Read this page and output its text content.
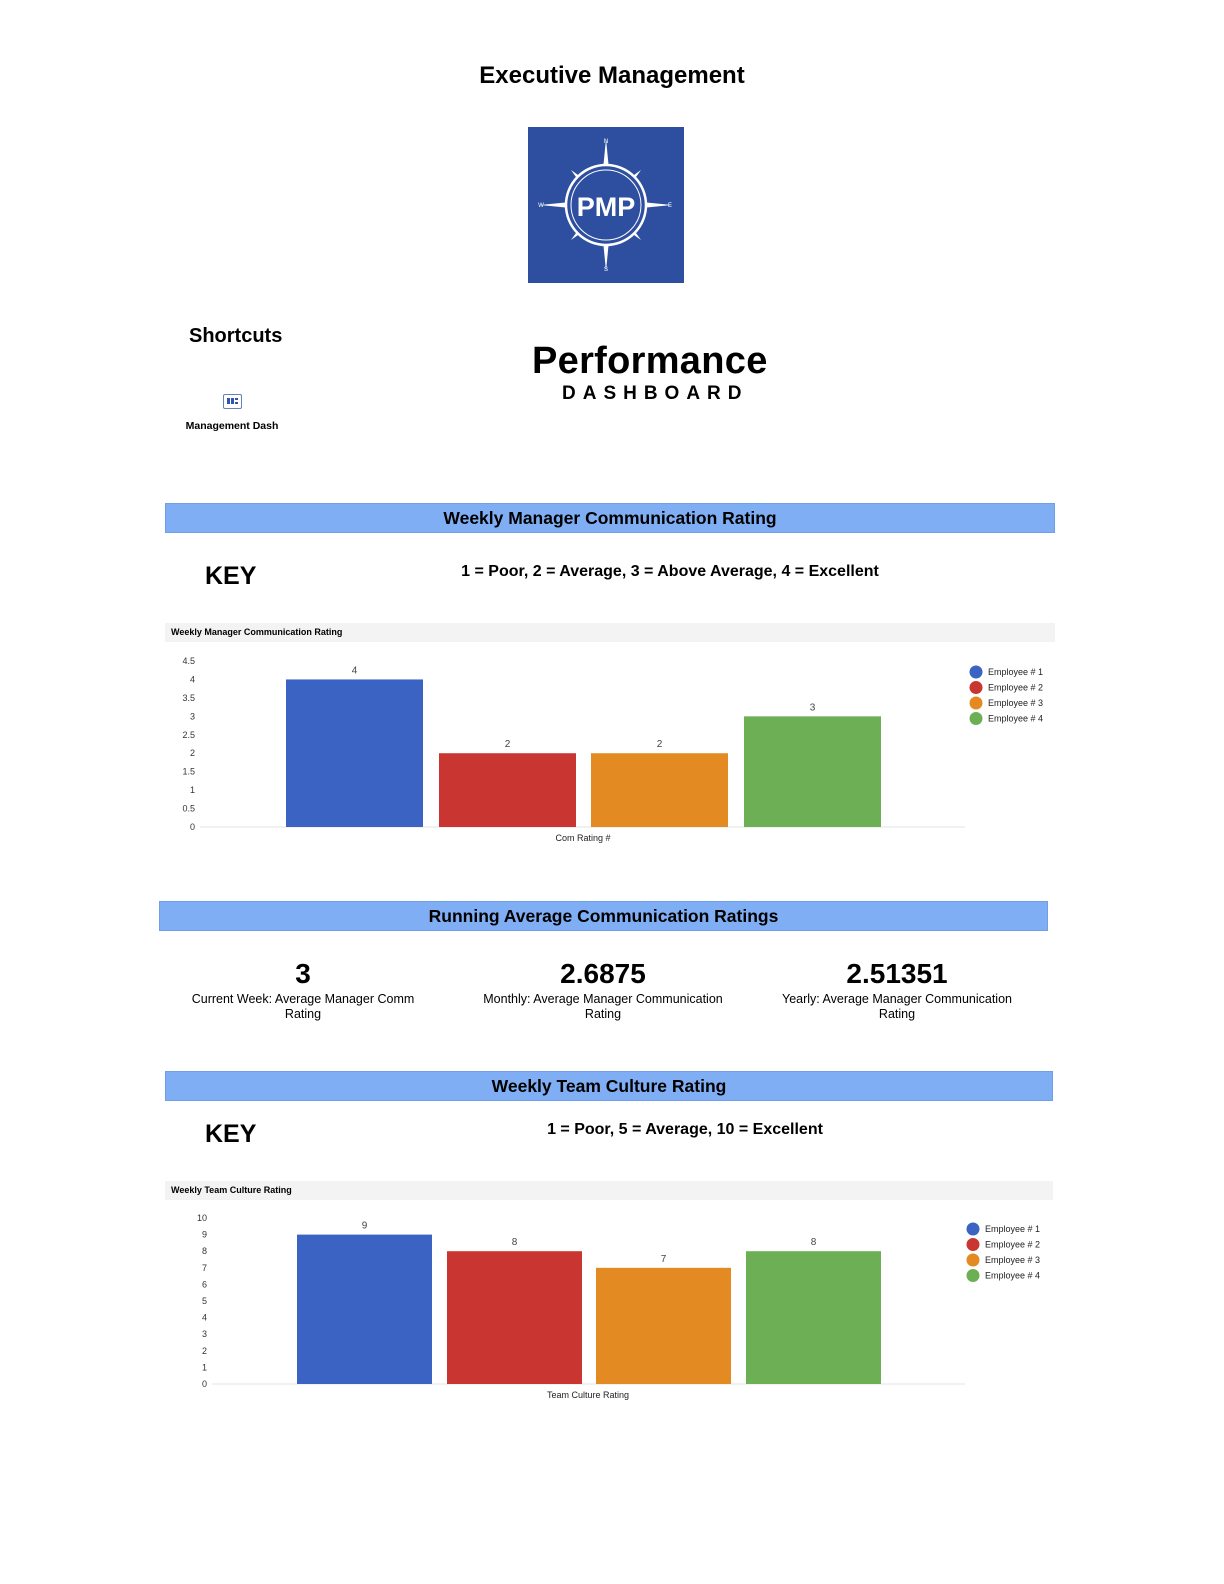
Executive Management
PMP
N
S
W	E
Shortcuts
Management Dash
Performance
DASHBOARD
Weekly Manager Communication Rating
KEY	1 = Poor, 2 = Average, 3 = Above Average, 4 = Excellent
Weekly Manager Communication Rating
0
0.5
1
1.5
2
2.5
3
3.5
4
4.5
4
2	2
3
Com Rating #
Employee # 1
Employee # 2
Employee # 3
Employee # 4
Running Average Communication Ratings
3
Current Week: Average Manager Comm Rating
2.6875
Monthly: Average Manager Communication Rating
2.51351
Yearly: Average Manager Communication Rating
Weekly Team Culture Rating
KEY	1 = Poor, 5 = Average, 10 = Excellent
Weekly Team Culture Rating
0
1
2
3
4
5
6
7
8
9
10
9
8
7
8
Team Culture Rating
Employee # 1
Employee # 2
Employee # 3
Employee # 4
